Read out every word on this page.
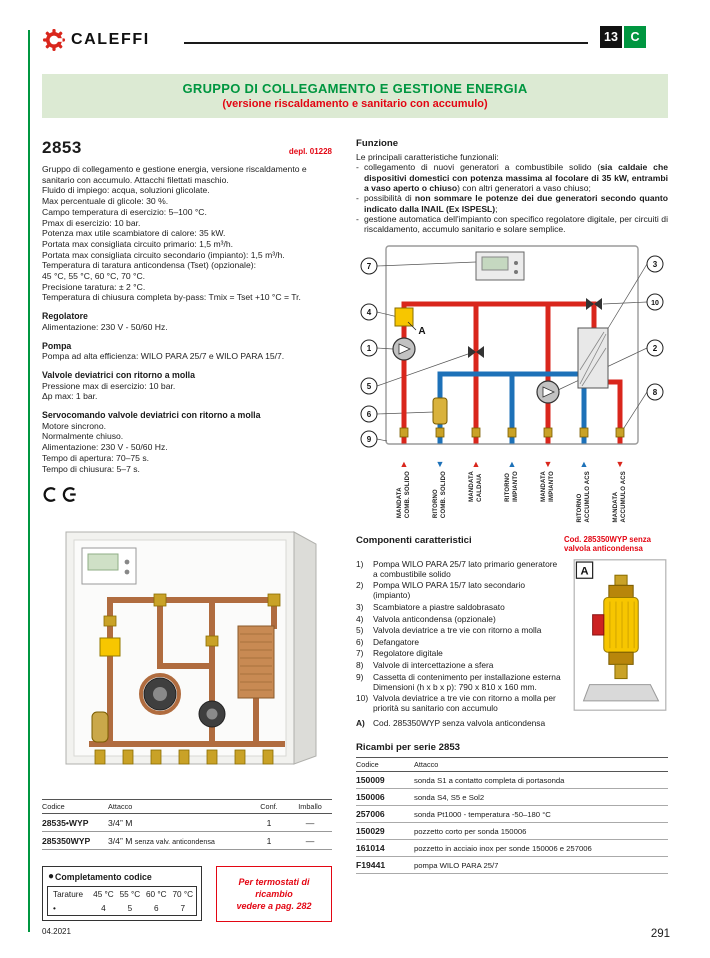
CALEFFI	13	C
GRUPPO DI COLLEGAMENTO E GESTIONE ENERGIA
(versione riscaldamento e sanitario con accumulo)
2853	depl. 01228

Gruppo di collegamento e gestione energia, versione riscaldamento e sanitario con accumulo. Attacchi filettati maschio.

Fluido di impiego: acqua, soluzioni glicolate.
Max percentuale di glicole: 30 %.
Campo temperatura di esercizio: 5–100 °C.
Pmax di esercizio: 10 bar.
Potenza max utile scambiatore di calore: 35 kW.
Portata max consigliata circuito primario: 1,5 m³/h.
Portata max consigliata circuito secondario (impianto): 1,5 m³/h.
Temperatura di taratura anticondensa (Tset) (opzionale):
45 °C, 55 °C, 60 °C, 70 °C.
Precisione taratura: ± 2 °C.
Temperatura di chiusura completa by-pass: Tmix = Tset +10 °C = Tr.
Regolatore
Alimentazione: 230 V - 50/60 Hz.
Pompa
Pompa ad alta efficienza: WILO PARA 25/7 e WILO PARA 15/7.
Valvole deviatrici con ritorno a molla
Pressione max di esercizio: 10 bar.
Δp max: 1 bar.
Servocomando valvole deviatrici con ritorno a molla
Motore sincrono.
Normalmente chiuso.
Alimentazione: 230 V - 50/60 Hz.
Tempo di apertura: 70–75 s.
Tempo di chiusura: 5–7 s.
Codice	Attacco	Conf.	Imballo
28535•WYP	3/4” M	1	—
285350WYP	3/4” M senza valv. anticondensa	1	—
● Completamento codice
Tarature	45 °C	55 °C	60 °C	70 °C
•	4	5	6	7
Per termostati di ricambio
vedere a pag. 282
Funzione

Le principali caratteristiche funzionali:

- collegamento di nuovi generatori a combustibile solido (sia caldaie che dispositivi domestici con potenza massima al focolare di 35 kW, entrambi a vaso aperto o chiuso) con altri generatori a vaso chiuso;

- possibilità di non sommare le potenze dei due generatori secondo quanto indicato dalla INAIL (Ex ISPESL);

- gestione automatica dell'impianto con specifico regolatore digitale, per circuiti di riscaldamento, accumulo sanitario e solare semplice.

7
4
1
5
6
9
3
10
2
8
A
▲
MANDATA COMB. SOLIDO
▼
RITORNO COMB. SOLIDO
▲
MANDATA CALDAIA
▲
RITORNO IMPIANTO
▼
MANDATA IMPIANTO
▲
RITORNO ACCUMULO ACS
▼
MANDATA ACCUMULO ACS
Componenti caratteristici	Cod. 285350WYP senza
valvola anticondensa
1)	Pompa WILO PARA 25/7 lato primario generatore a combustibile solido
2)	Pompa WILO PARA 15/7 lato secondario (impianto)
3)	Scambiatore a piastre saldobrasato
4)	Valvola anticondensa (opzionale)
5)	Valvola deviatrice a tre vie con ritorno a molla
6)	Defangatore
7)	Regolatore digitale
8)	Valvole di intercettazione a sfera
9)	Cassetta di contenimento per installazione esterna Dimensioni (h x b x p): 790 x 810 x 160 mm.
10) Valvola deviatrice a tre vie con ritorno a molla per priorità su sanitario con accumulo
A) Cod. 285350WYP senza valvola anticondensa
A
Ricambi per serie 2853
Codice	Attacco
150009	sonda S1 a contatto completa di portasonda
150006	sonda S4, S5 e Sol2
257006	sonda Pt1000 - temperatura -50–180 °C
150029	pozzetto corto per sonda 150006
161014	pozzetto in acciaio inox per sonde 150006 e 257006
F19441	pompa WILO PARA 25/7
04.2021	291
